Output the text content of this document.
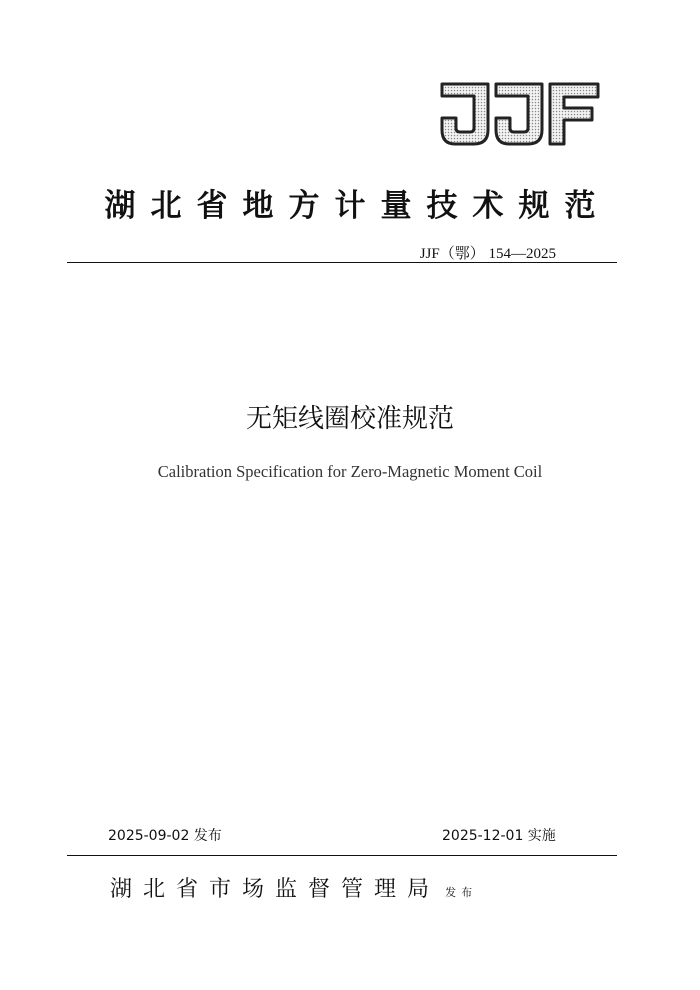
JJF
湖北省地方计量技术规范
JJF（鄂） 154—2025
无矩线圈校准规范
Calibration Specification for Zero-Magnetic Moment Coil
2025-09-02 发布	2025-12-01 实施
湖北省市场监督管理局 发布
